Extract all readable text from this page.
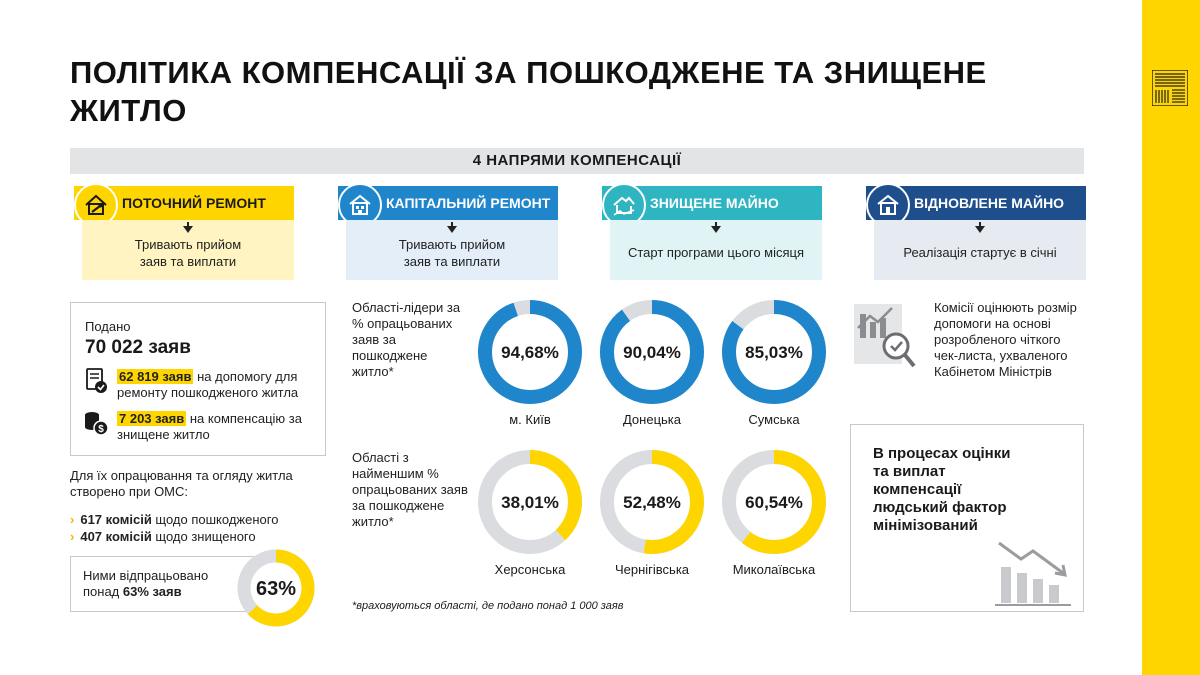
ПОЛІТИКА КОМПЕНСАЦІЇ ЗА ПОШКОДЖЕНЕ ТА ЗНИЩЕНЕ ЖИТЛО
4 НАПРЯМИ КОМПЕНСАЦІЇ
ПОТОЧНИЙ РЕМОНТ
Тривають прийом заяв та виплати
КАПІТАЛЬНИЙ РЕМОНТ
Тривають прийом заяв та виплати
ЗНИЩЕНЕ МАЙНО
Старт програми цього місяця
ВІДНОВЛЕНЕ МАЙНО
Реалізація стартує в січні
Подано
70 022 заяв
62 819 заяв на допомогу для ремонту пошкодженого житла
$
7 203 заяв на компенсацію за знищене житло
Для їх опрацювання та огляду житла створено при ОМС:
› 617 комісій щодо пошкодженого
› 407 комісій щодо знищеного
Ними відпрацьовано понад 63% заяв	63%
Області-лідери за % опрацьованих заяв за пошкоджене житло*
94,68%
м. Київ
90,04%
Донецька
85,03%
Сумська
Області з найменшим % опрацьованих заяв за пошкоджене житло*
38,01%
Херсонська
52,48%
Чернігівська
60,54%
Миколаївська
*враховуються області, де подано понад 1 000 заяв
Комісії оцінюють розмір допомоги на основі розробленого чіткого чек-листа, ухваленого Кабінетом Міністрів
В процесах оцінки та виплат компенсації людський фактор мінімізований
